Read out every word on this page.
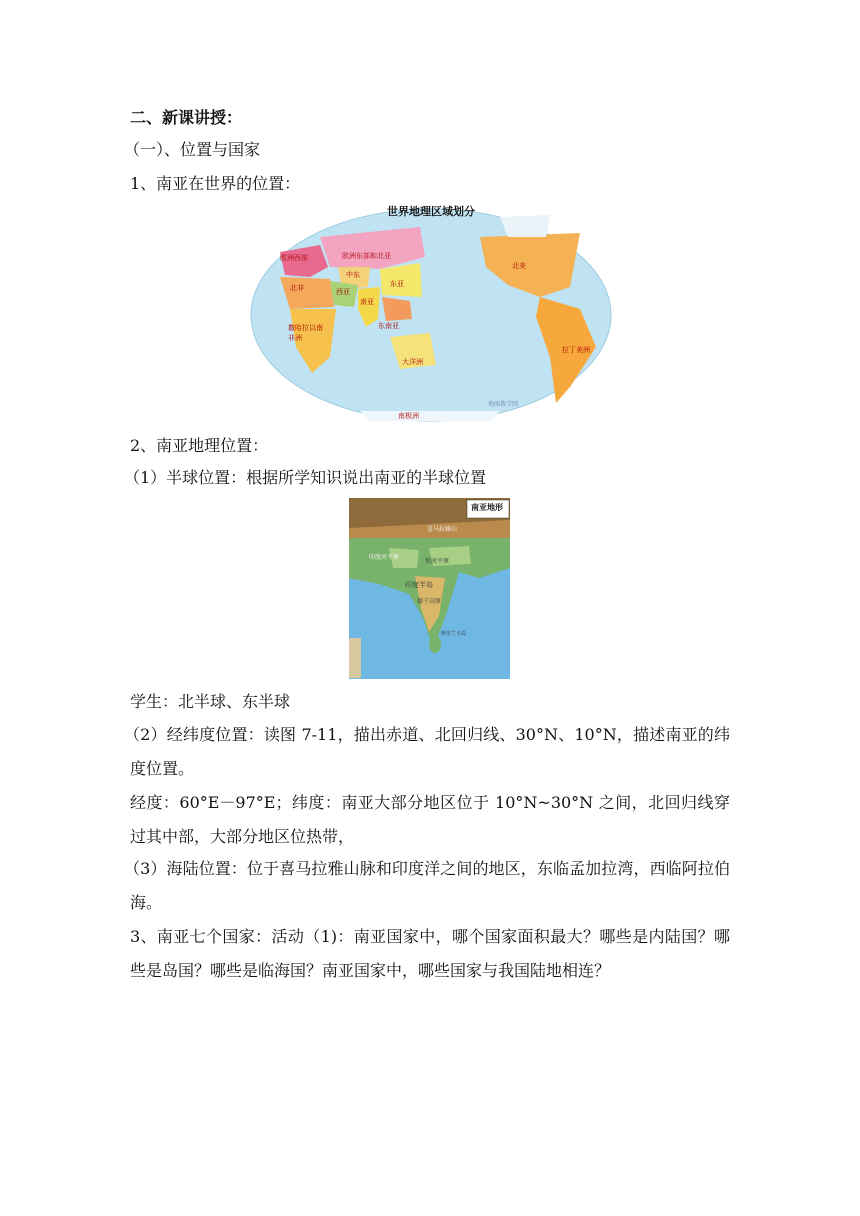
二、新课讲授：
（一）、位置与国家
1、南亚在世界的位置：
世界地理区域划分
欧洲西部	欧洲东部和北亚
中东
东亚
北非	西亚
南亚
东南亚
撒哈拉以南非洲
大洋洲
北美
拉丁美洲
南极洲
地图教学网
2、南亚地理位置：
（1）半球位置：根据所学知识说出南亚的半球位置
南亚地形
喜马拉雅山
印度河平原
恒河平原
印度半岛
德干高原
斯里兰卡岛
学生：北半球、东半球
（2）经纬度位置：读图 7-11，描出赤道、北回归线、30°N、10°N，描述南亚的纬度位置。
经度：60°E－97°E；纬度：南亚大部分地区位于 10°N~30°N 之间，北回归线穿过其中部，大部分地区位热带，
（3）海陆位置：位于喜马拉雅山脉和印度洋之间的地区，东临孟加拉湾，西临阿拉伯海。
3、南亚七个国家：活动（1)：南亚国家中，哪个国家面积最大？哪些是内陆国？哪些是岛国？哪些是临海国？南亚国家中，哪些国家与我国陆地相连？
